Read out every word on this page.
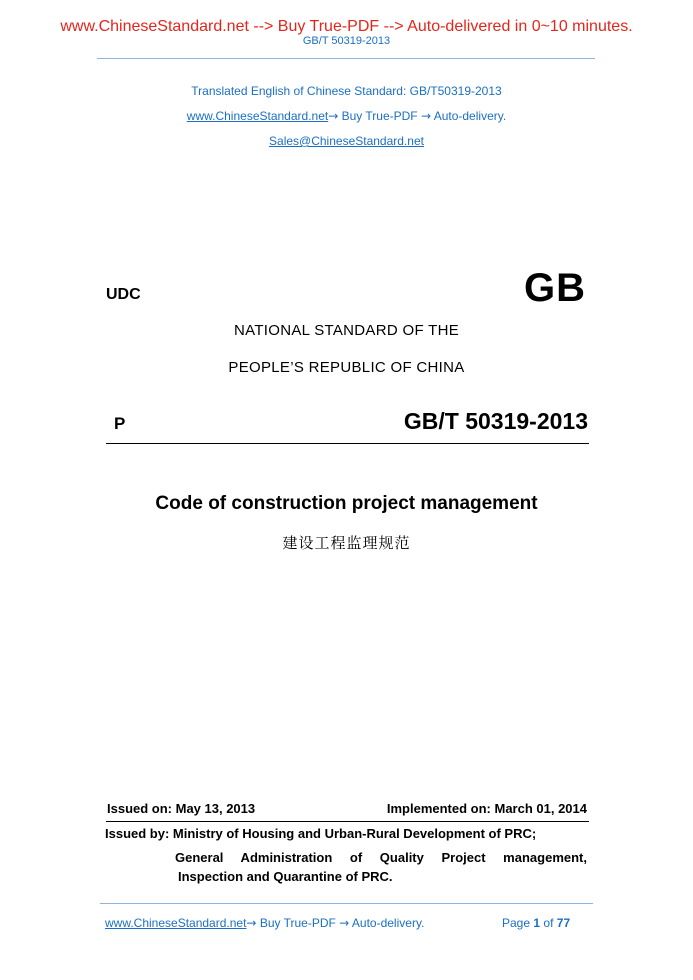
www.ChineseStandard.net --> Buy True-PDF --> Auto-delivered in 0~10 minutes.
GB/T 50319-2013
Translated English of Chinese Standard: GB/T50319-2013
www.ChineseStandard.net→ Buy True-PDF → Auto-delivery.
Sales@ChineseStandard.net
UDC	GB
NATIONAL STANDARD OF THE
PEOPLE’S REPUBLIC OF CHINA
P	GB/T 50319-2013
Code of construction project management
建设工程监理规范
Issued on: May 13, 2013	Implemented on: March 01, 2014
Issued by: Ministry of Housing and Urban-Rural Development of PRC;
General Administration of Quality Project management,
Inspection and Quarantine of PRC.
www.ChineseStandard.net→ Buy True-PDF → Auto-delivery.	Page 1 of 77
